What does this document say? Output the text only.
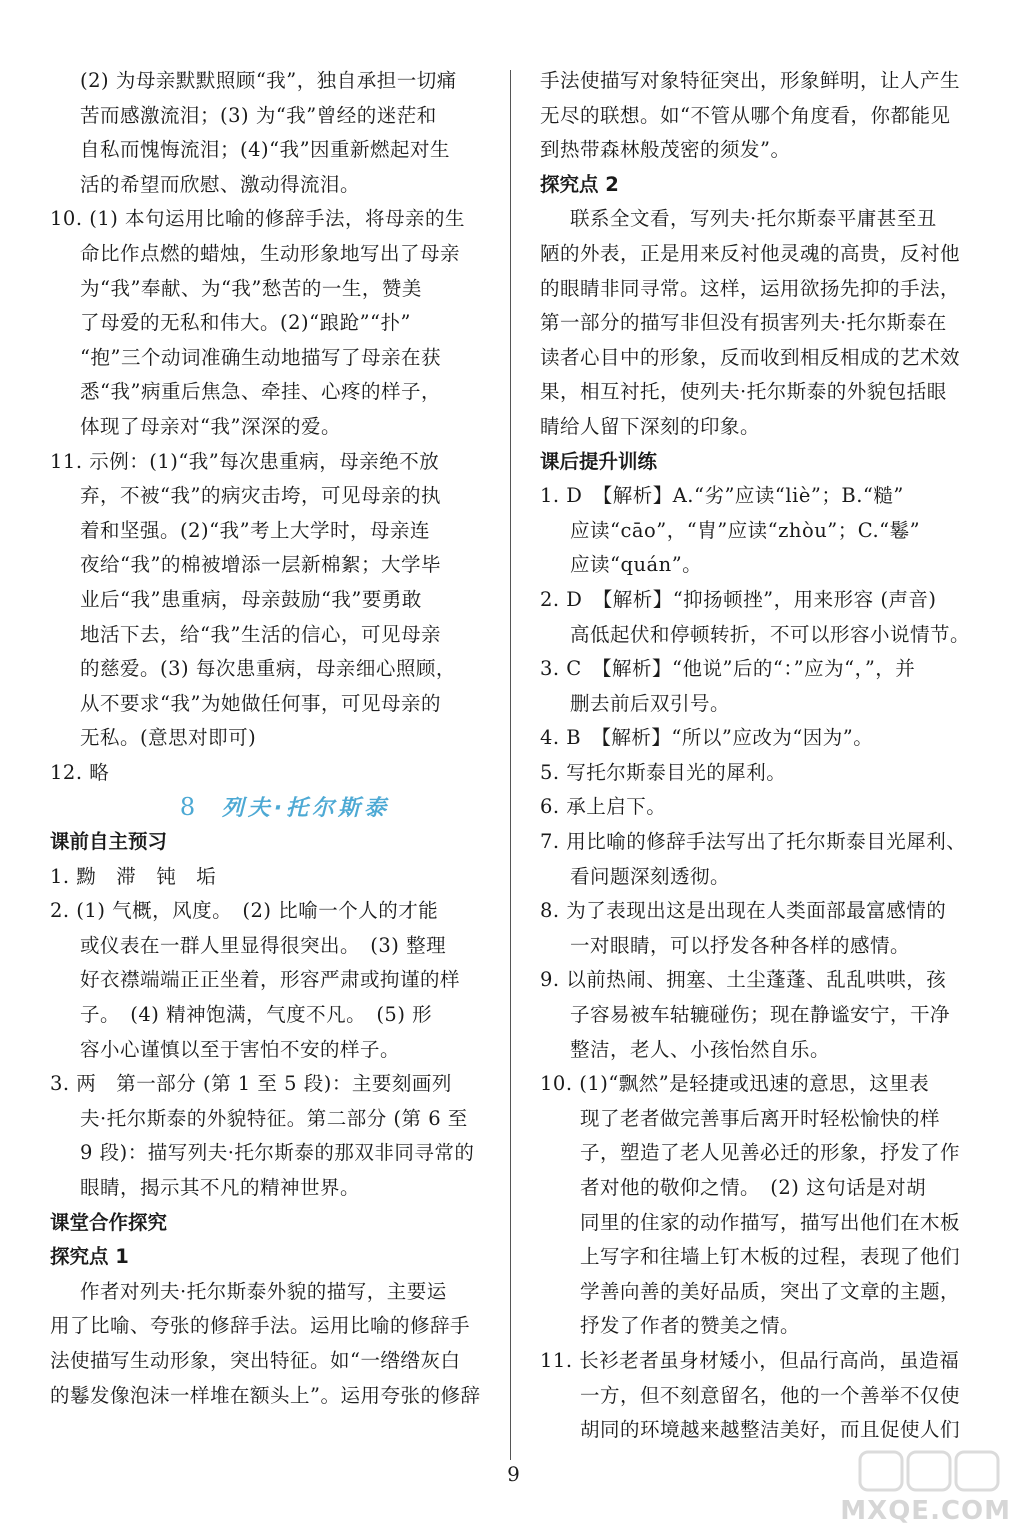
(2) 为母亲默默照顾“我”，独自承担一切痛
苦而感激流泪；(3) 为“我”曾经的迷茫和
自私而愧悔流泪；(4)“我”因重新燃起对生
活的希望而欣慰、激动得流泪。
10. (1) 本句运用比喻的修辞手法，将母亲的生
命比作点燃的蜡烛，生动形象地写出了母亲
为“我”奉献、为“我”愁苦的一生，赞美
了母爱的无私和伟大。(2)“踉跄”“扑”
“抱”三个动词准确生动地描写了母亲在获
悉“我”病重后焦急、牵挂、心疼的样子，
体现了母亲对“我”深深的爱。
11. 示例：(1)“我”每次患重病，母亲绝不放
弃，不被“我”的病灾击垮，可见母亲的执
着和坚强。(2)“我”考上大学时，母亲连
夜给“我”的棉被增添一层新棉絮；大学毕
业后“我”患重病，母亲鼓励“我”要勇敢
地活下去，给“我”生活的信心，可见母亲
的慈爱。(3) 每次患重病，母亲细心照顾，
从不要求“我”为她做任何事，可见母亲的
无私。(意思对即可)
12. 略
8 列夫·托尔斯泰
课前自主预习
1. 黝　滞　钝　垢
2. (1) 气概，风度。　(2) 比喻一个人的才能
或仪表在一群人里显得很突出。　(3) 整理
好衣襟端端正正坐着，形容严肃或拘谨的样
子。　(4) 精神饱满，气度不凡。　(5) 形
容小心谨慎以至于害怕不安的样子。
3. 两　第一部分 (第 1 至 5 段)：主要刻画列
夫·托尔斯泰的外貌特征。第二部分 (第 6 至
9 段)：描写列夫·托尔斯泰的那双非同寻常的
眼睛，揭示其不凡的精神世界。
课堂合作探究
探究点 1
作者对列夫·托尔斯泰外貌的描写，主要运
用了比喻、夸张的修辞手法。运用比喻的修辞手
法使描写生动形象，突出特征。如“一绺绺灰白
的鬈发像泡沫一样堆在额头上”。运用夸张的修辞
手法使描写对象特征突出，形象鲜明，让人产生
无尽的联想。如“不管从哪个角度看，你都能见
到热带森林般茂密的须发”。
探究点 2
联系全文看，写列夫·托尔斯泰平庸甚至丑
陋的外表，正是用来反衬他灵魂的高贵，反衬他
的眼睛非同寻常。这样，运用欲扬先抑的手法，
第一部分的描写非但没有损害列夫·托尔斯泰在
读者心目中的形象，反而收到相反相成的艺术效
果，相互衬托，使列夫·托尔斯泰的外貌包括眼
睛给人留下深刻的印象。
课后提升训练
1. D　【解析】A.“劣”应读“liè”；B.“糙”
应读“cāo”，“胄”应读“zhòu”；C.“鬈”
应读“quán”。
2. D　【解析】“抑扬顿挫”，用来形容 (声音)
高低起伏和停顿转折，不可以形容小说情节。
3. C　【解析】“他说”后的“：”应为“，”，并
删去前后双引号。
4. B　【解析】“所以”应改为“因为”。
5. 写托尔斯泰目光的犀利。
6. 承上启下。
7. 用比喻的修辞手法写出了托尔斯泰目光犀利、
看问题深刻透彻。
8. 为了表现出这是出现在人类面部最富感情的
一对眼睛，可以抒发各种各样的感情。
9. 以前热闹、拥塞、土尘蓬蓬、乱乱哄哄，孩
子容易被车轱辘碰伤；现在静谧安宁，干净
整洁，老人、小孩怡然自乐。
10. (1)“飘然”是轻捷或迅速的意思，这里表
现了老者做完善事后离开时轻松愉快的样
子，塑造了老人见善必迁的形象，抒发了作
者对他的敬仰之情。　(2) 这句话是对胡
同里的住家的动作描写，描写出他们在木板
上写字和往墙上钉木板的过程，表现了他们
学善向善的美好品质，突出了文章的主题，
抒发了作者的赞美之情。
11. 长衫老者虽身材矮小，但品行高尚，虽造福
一方，但不刻意留名，他的一个善举不仅使
胡同的环境越来越整洁美好，而且促使人们
9
MXQE.COM
